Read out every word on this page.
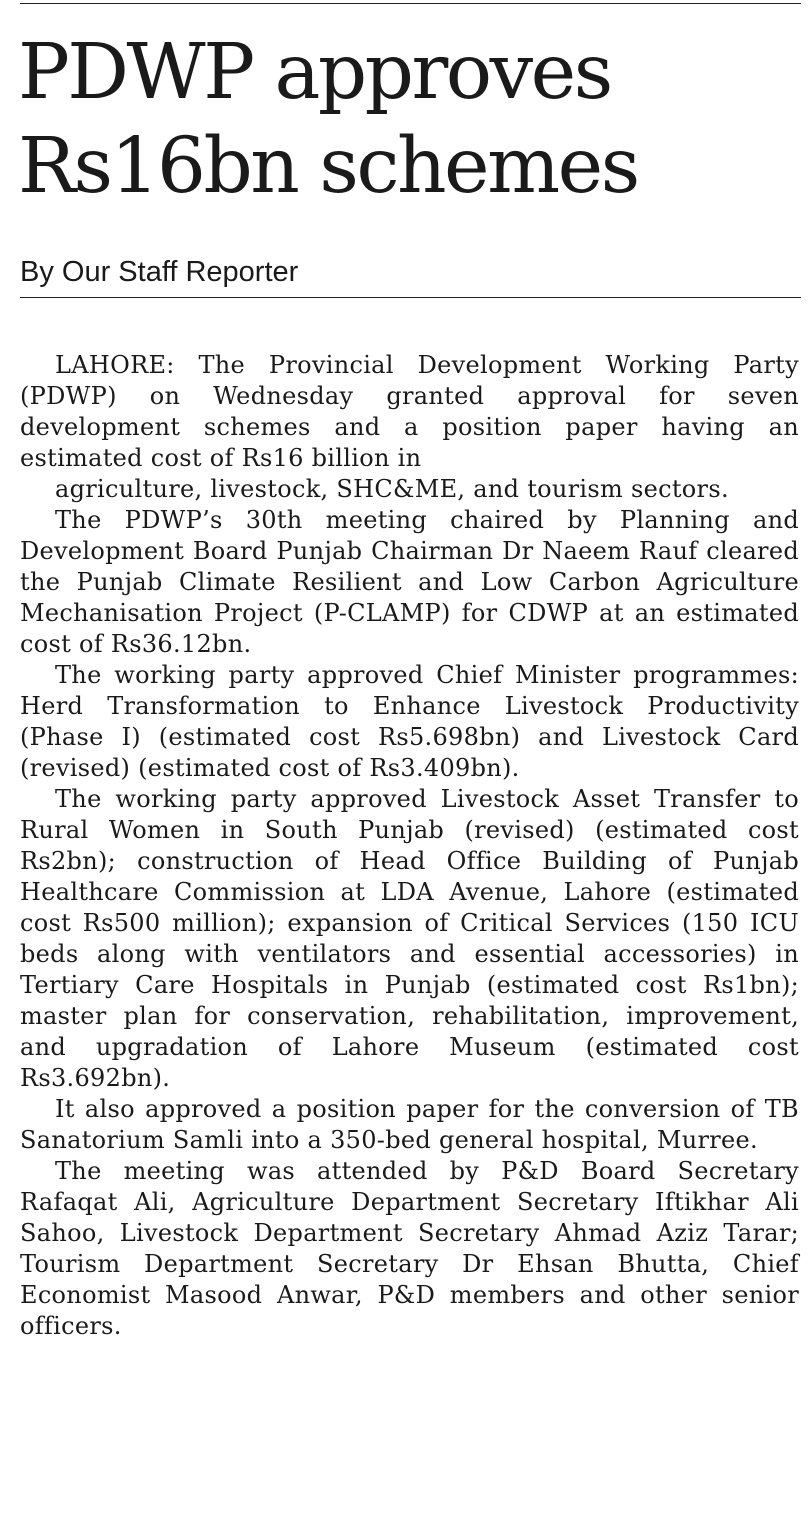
PDWP approves Rs16bn schemes
By Our Staff Reporter

LAHORE: The Provincial Development Working Party (PDWP) on Wednesday granted approval for seven development schemes and a position paper having an estimated cost of Rs16 billion in

agriculture, livestock, SHC&ME, and tourism sectors.

The PDWP’s 30th meeting chaired by Planning and Development Board Punjab Chairman Dr Naeem Rauf cleared the Punjab Climate Resilient and Low Carbon Agriculture Mechanisation Project (P-CLAMP) for CDWP at an estimated cost of Rs36.12bn.

The working party approved Chief Minister programmes: Herd Transformation to Enhance Livestock Productivity (Phase I) (estimated cost Rs5.698bn) and Livestock Card (revised) (estimated cost of Rs3.409bn).

The working party approved Livestock Asset Transfer to Rural Women in South Punjab (revised) (estimated cost Rs2bn); construction of Head Office Building of Punjab Healthcare Commission at LDA Avenue, Lahore (estimated cost Rs500 million); expansion of Critical Services (150 ICU beds along with ventilators and essential accessories) in Tertiary Care Hospitals in Punjab (estimated cost Rs1bn); master plan for conservation, rehabilitation, improvement, and upgradation of Lahore Museum (estimated cost Rs3.692bn).

It also approved a position paper for the conversion of TB Sanatorium Samli into a 350-bed general hospital, Murree.

The meeting was attended by P&D Board Secretary Rafaqat Ali, Agriculture Department Secretary Iftikhar Ali Sahoo, Livestock Department Secretary Ahmad Aziz Tarar; Tourism Department Secretary Dr Ehsan Bhutta, Chief Economist Masood Anwar, P&D members and other senior officers.
